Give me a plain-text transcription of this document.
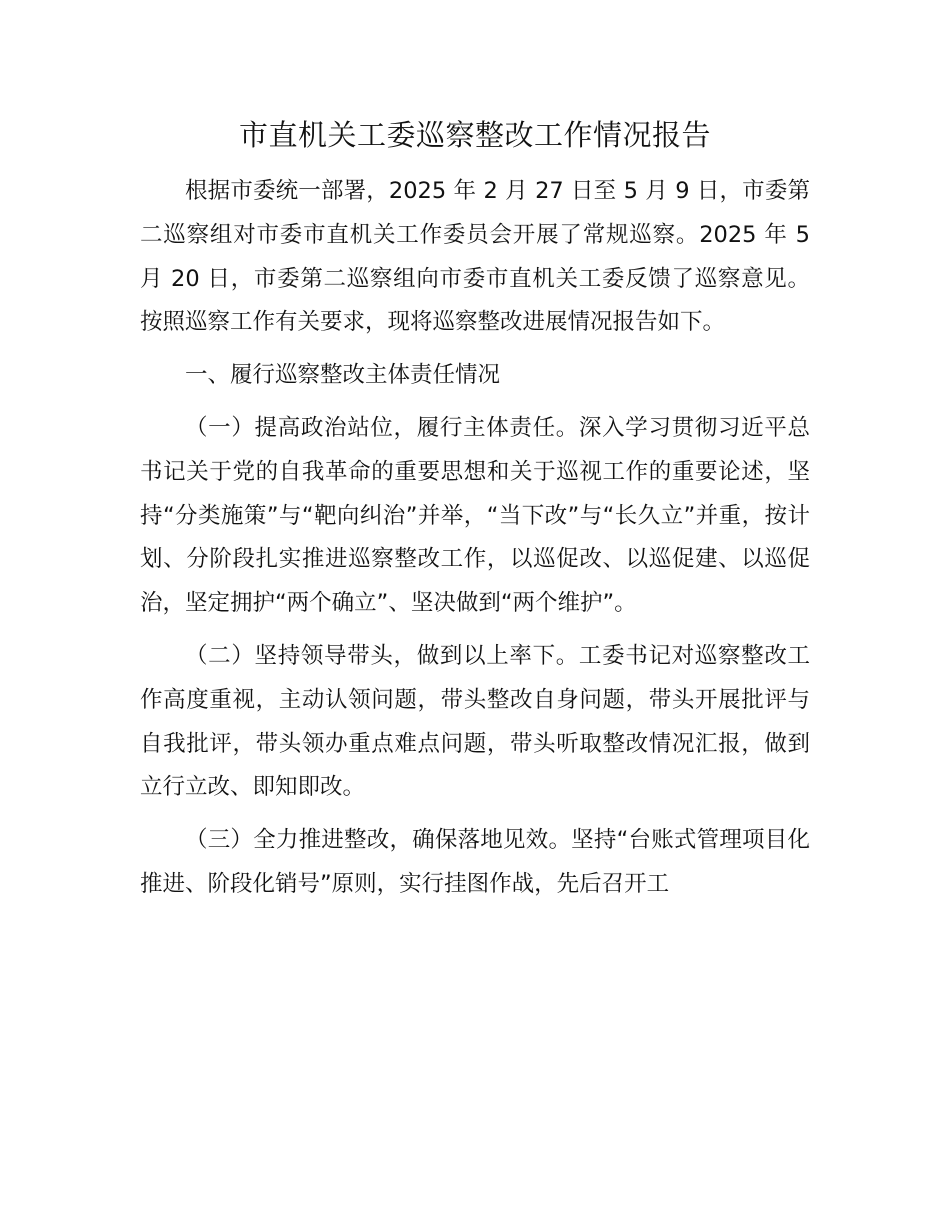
市直机关工委巡察整改工作情况报告

根据市委统一部署，2025 年 2 月 27 日至 5 月 9 日，市委第二巡察组对市委市直机关工作委员会开展了常规巡察。2025 年 5 月 20 日，市委第二巡察组向市委市直机关工委反馈了巡察意见。按照巡察工作有关要求，现将巡察整改进展情况报告如下。

一、履行巡察整改主体责任情况

（一）提高政治站位，履行主体责任。深入学习贯彻习近平总书记关于党的自我革命的重要思想和关于巡视工作的重要论述，坚持“分类施策”与“靶向纠治”并举，“当下改”与“长久立”并重，按计划、分阶段扎实推进巡察整改工作，以巡促改、以巡促建、以巡促治，坚定拥护“两个确立”、坚决做到“两个维护”。

（二）坚持领导带头，做到以上率下。工委书记对巡察整改工作高度重视，主动认领问题，带头整改自身问题，带头开展批评与自我批评，带头领办重点难点问题，带头听取整改情况汇报，做到立行立改、即知即改。

（三）全力推进整改，确保落地见效。坚持“台账式管理项目化推进、阶段化销号”原则，实行挂图作战，先后召开工
